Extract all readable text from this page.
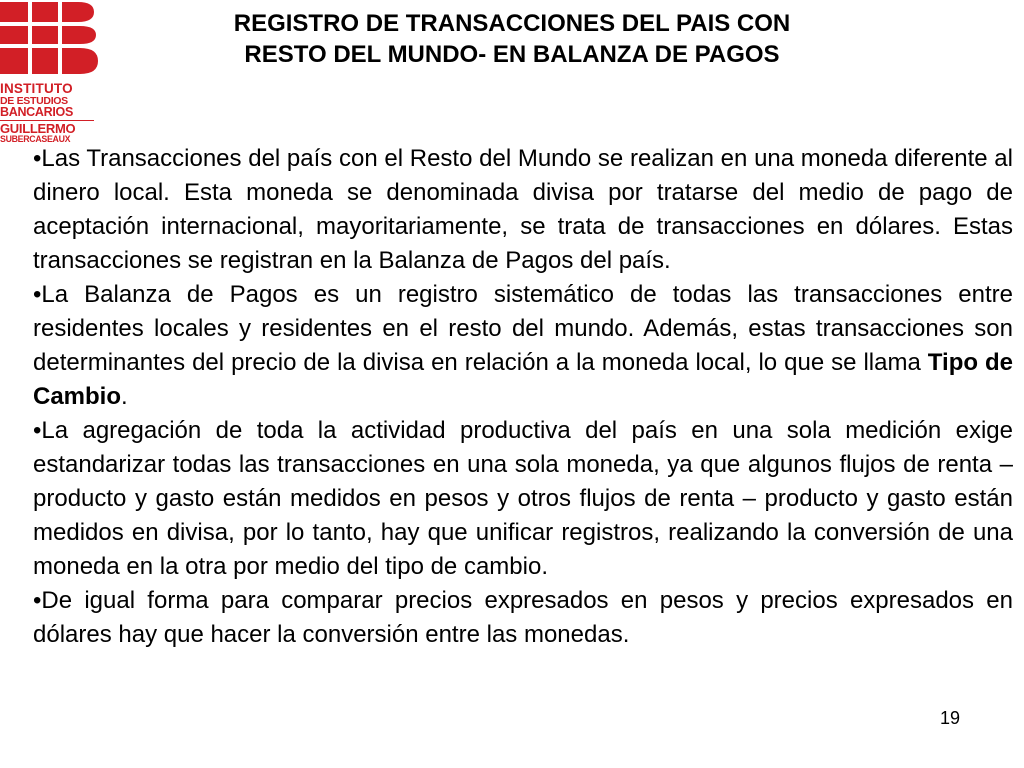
INSTITUTO
DE ESTUDIOS
BANCARIOS
GUILLERMO
SUBERCASEAUX
REGISTRO DE TRANSACCIONES DEL PAIS CON
RESTO DEL MUNDO- EN BALANZA DE PAGOS

•Las Transacciones del país con el Resto del Mundo se realizan en una moneda diferente al dinero local. Esta moneda se denominada divisa por tratarse del medio de pago de aceptación internacional, mayoritariamente, se trata de transacciones en dólares. Estas transacciones se registran en la Balanza de Pagos del país.

•La Balanza de Pagos es un registro sistemático de todas las transacciones entre residentes locales y residentes en el resto del mundo. Además, estas transacciones son determinantes del precio de la divisa en relación a la moneda local, lo que se llama Tipo de Cambio.

•La agregación de toda la actividad productiva del país en una sola medición exige estandarizar todas las transacciones en una sola moneda, ya que algunos flujos de renta – producto y gasto están medidos en pesos y otros flujos de renta – producto y gasto están medidos en divisa, por lo tanto, hay que unificar registros, realizando la conversión de una moneda en la otra por medio del tipo de cambio.

•De igual forma para comparar precios expresados en pesos y precios expresados en dólares hay que hacer la conversión entre las monedas.

19
